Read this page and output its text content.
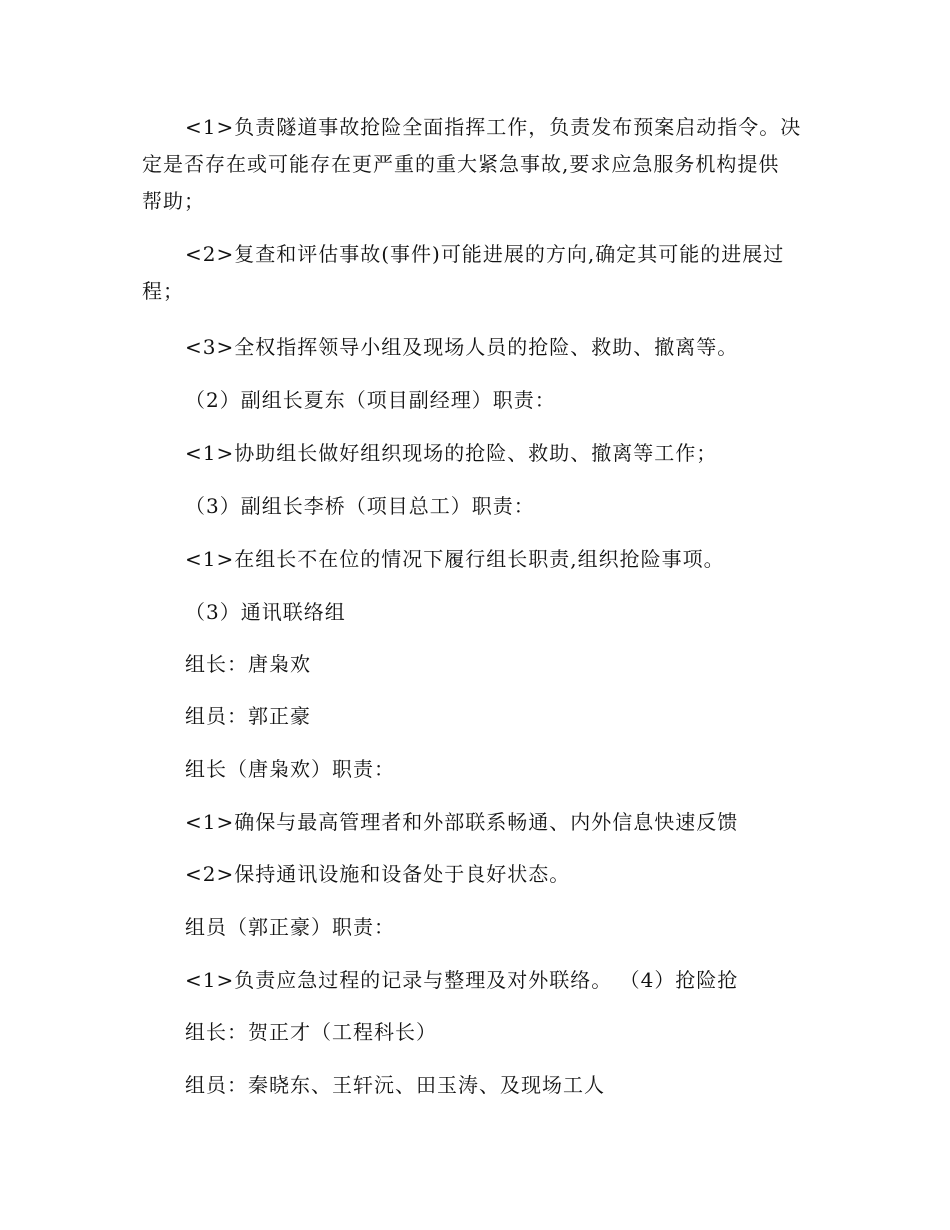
<1>负责隧道事故抢险全面指挥工作，负责发布预案启动指令。决
定是否存在或可能存在更严重的重大紧急事故,要求应急服务机构提供
帮助；
<2>复查和评估事故(事件)可能进展的方向,确定其可能的进展过
程；
<3>全权指挥领导小组及现场人员的抢险、救助、撤离等。
（2）副组长夏东（项目副经理）职责：
<1>协助组长做好组织现场的抢险、救助、撤离等工作；
（3）副组长李桥（项目总工）职责：
<1>在组长不在位的情况下履行组长职责,组织抢险事项。
（3）通讯联络组
组长：唐枭欢
组员：郭正豪
组长（唐枭欢）职责：
<1>确保与最高管理者和外部联系畅通、内外信息快速反馈
<2>保持通讯设施和设备处于良好状态。
组员（郭正豪）职责：
<1>负责应急过程的记录与整理及对外联络。 （4）抢险抢
组长：贺正才（工程科长）
组员：秦晓东、王轩沅、田玉涛、及现场工人
